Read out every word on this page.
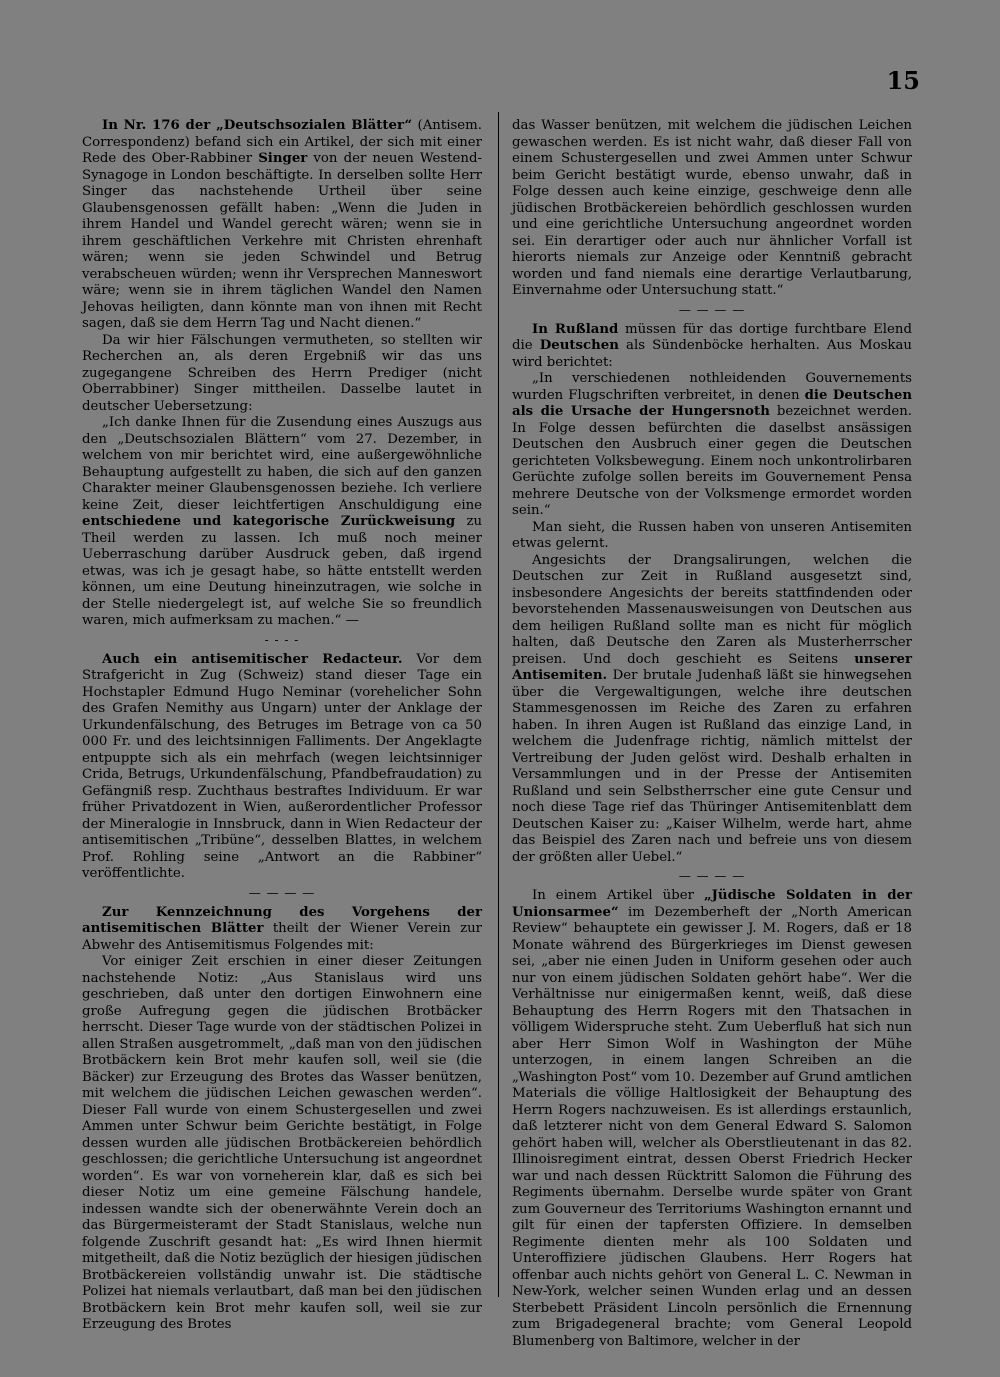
15

In Nr. 176 der „Deutschsozialen Blätter“ (Antisem. Correspondenz) befand sich ein Artikel, der sich mit einer Rede des Ober-Rabbiner Singer von der neuen Westend-Synagoge in London beschäftigte. In derselben sollte Herr Singer das nachstehende Urtheil über seine Glaubensgenossen gefällt haben: „Wenn die Juden in ihrem Handel und Wandel gerecht wären; wenn sie in ihrem geschäftlichen Verkehre mit Christen ehrenhaft wären; wenn sie jeden Schwindel und Betrug verabscheuen würden; wenn ihr Versprechen Manneswort wäre; wenn sie in ihrem täglichen Wandel den Namen Jehovas heiligten, dann könnte man von ihnen mit Recht sagen, daß sie dem Herrn Tag und Nacht dienen.“

Da wir hier Fälschungen vermutheten, so stellten wir Recherchen an, als deren Ergebniß wir das uns zugegangene Schreiben des Herrn Prediger (nicht Oberrabbiner) Singer mittheilen. Dasselbe lautet in deutscher Uebersetzung:

„Ich danke Ihnen für die Zusendung eines Auszugs aus den „Deutschsozialen Blättern“ vom 27. Dezember, in welchem von mir berichtet wird, eine außergewöhnliche Behauptung aufgestellt zu haben, die sich auf den ganzen Charakter meiner Glaubensgenossen beziehe. Ich verliere keine Zeit, dieser leichtfertigen Anschuldigung eine entschiedene und kategorische Zurückweisung zu Theil werden zu lassen. Ich muß noch meiner Ueberraschung darüber Ausdruck geben, daß irgend etwas, was ich je gesagt habe, so hätte entstellt werden können, um eine Deutung hineinzutragen, wie solche in der Stelle niedergelegt ist, auf welche Sie so freundlich waren, mich aufmerksam zu machen.“ —

- - - -

Auch ein antisemitischer Redacteur. Vor dem Strafgericht in Zug (Schweiz) stand dieser Tage ein Hochstapler Edmund Hugo Neminar (vorehelicher Sohn des Grafen Nemithy aus Ungarn) unter der Anklage der Urkundenfälschung, des Betruges im Betrage von ca 50 000 Fr. und des leichtsinnigen Falliments. Der Angeklagte entpuppte sich als ein mehrfach (wegen leichtsinniger Crida, Betrugs, Urkundenfälschung, Pfandbefraudation) zu Gefängniß resp. Zuchthaus bestraftes Individuum. Er war früher Privatdozent in Wien, außerordentlicher Professor der Mineralogie in Innsbruck, dann in Wien Redacteur der antisemitischen „Tribüne“, desselben Blattes, in welchem Prof. Rohling seine „Antwort an die Rabbiner“ veröffentlichte.

— — — —

Zur Kennzeichnung des Vorgehens der antisemitischen Blätter theilt der Wiener Verein zur Abwehr des Antisemitismus Folgendes mit:

Vor einiger Zeit erschien in einer dieser Zeitungen nachstehende Notiz: „Aus Stanislaus wird uns geschrieben, daß unter den dortigen Einwohnern eine große Aufregung gegen die jüdischen Brotbäcker herrscht. Dieser Tage wurde von der städtischen Polizei in allen Straßen ausgetrommelt, „daß man von den jüdischen Brotbäckern kein Brot mehr kaufen soll, weil sie (die Bäcker) zur Erzeugung des Brotes das Wasser benützen, mit welchem die jüdischen Leichen gewaschen werden“. Dieser Fall wurde von einem Schustergesellen und zwei Ammen unter Schwur beim Gerichte bestätigt, in Folge dessen wurden alle jüdischen Brotbäckereien behördlich geschlossen; die gerichtliche Untersuchung ist angeordnet worden“. Es war von vorneherein klar, daß es sich bei dieser Notiz um eine gemeine Fälschung handele, indessen wandte sich der obenerwähnte Verein doch an das Bürgermeisteramt der Stadt Stanislaus, welche nun folgende Zuschrift gesandt hat: „Es wird Ihnen hiermit mitgetheilt, daß die Notiz bezüglich der hiesigen jüdischen Brotbäckereien vollständig unwahr ist. Die städtische Polizei hat niemals verlautbart, daß man bei den jüdischen Brotbäckern kein Brot mehr kaufen soll, weil sie zur Erzeugung des Brotes

das Wasser benützen, mit welchem die jüdischen Leichen gewaschen werden. Es ist nicht wahr, daß dieser Fall von einem Schustergesellen und zwei Ammen unter Schwur beim Gericht bestätigt wurde, ebenso unwahr, daß in Folge dessen auch keine einzige, geschweige denn alle jüdischen Brotbäckereien behördlich geschlossen wurden und eine gerichtliche Untersuchung angeordnet worden sei. Ein derartiger oder auch nur ähnlicher Vorfall ist hierorts niemals zur Anzeige oder Kenntniß gebracht worden und fand niemals eine derartige Verlautbarung, Einvernahme oder Untersuchung statt.“

— — — —

In Rußland müssen für das dortige furchtbare Elend die Deutschen als Sündenböcke herhalten. Aus Moskau wird berichtet:

„In verschiedenen nothleidenden Gouvernements wurden Flugschriften verbreitet, in denen die Deutschen als die Ursache der Hungersnoth bezeichnet werden. In Folge dessen befürchten die daselbst ansässigen Deutschen den Ausbruch einer gegen die Deutschen gerichteten Volksbewegung. Einem noch unkontrolirbaren Gerüchte zufolge sollen bereits im Gouvernement Pensa mehrere Deutsche von der Volksmenge ermordet worden sein.“

Man sieht, die Russen haben von unseren Antisemiten etwas gelernt.

Angesichts der Drangsalirungen, welchen die Deutschen zur Zeit in Rußland ausgesetzt sind, insbesondere Angesichts der bereits stattfindenden oder bevorstehenden Massenausweisungen von Deutschen aus dem heiligen Rußland sollte man es nicht für möglich halten, daß Deutsche den Zaren als Musterherrscher preisen. Und doch geschieht es Seitens unserer Antisemiten. Der brutale Judenhaß läßt sie hinwegsehen über die Vergewaltigungen, welche ihre deutschen Stammesgenossen im Reiche des Zaren zu erfahren haben. In ihren Augen ist Rußland das einzige Land, in welchem die Judenfrage richtig, nämlich mittelst der Vertreibung der Juden gelöst wird. Deshalb erhalten in Versammlungen und in der Presse der Antisemiten Rußland und sein Selbstherrscher eine gute Censur und noch diese Tage rief das Thüringer Antisemitenblatt dem Deutschen Kaiser zu: „Kaiser Wilhelm, werde hart, ahme das Beispiel des Zaren nach und befreie uns von diesem der größten aller Uebel.“

— — — —

In einem Artikel über „Jüdische Soldaten in der Unionsarmee“ im Dezemberheft der „North American Review“ behauptete ein gewisser J. M. Rogers, daß er 18 Monate während des Bürgerkrieges im Dienst gewesen sei, „aber nie einen Juden in Uniform gesehen oder auch nur von einem jüdischen Soldaten gehört habe“. Wer die Verhältnisse nur einigermaßen kennt, weiß, daß diese Behauptung des Herrn Rogers mit den Thatsachen in völligem Widerspruche steht. Zum Ueberfluß hat sich nun aber Herr Simon Wolf in Washington der Mühe unterzogen, in einem langen Schreiben an die „Washington Post“ vom 10. Dezember auf Grund amtlichen Materials die völlige Haltlosigkeit der Behauptung des Herrn Rogers nachzuweisen. Es ist allerdings erstaunlich, daß letzterer nicht von dem General Edward S. Salomon gehört haben will, welcher als Oberstlieutenant in das 82. Illinoisregiment eintrat, dessen Oberst Friedrich Hecker war und nach dessen Rücktritt Salomon die Führung des Regiments übernahm. Derselbe wurde später von Grant zum Gouverneur des Territoriums Washington ernannt und gilt für einen der tapfersten Offiziere. In demselben Regimente dienten mehr als 100 Soldaten und Unteroffiziere jüdischen Glaubens. Herr Rogers hat offenbar auch nichts gehört von General L. C. Newman in New-York, welcher seinen Wunden erlag und an dessen Sterbebett Präsident Lincoln persönlich die Ernennung zum Brigadegeneral brachte; vom General Leopold Blumenberg von Baltimore, welcher in der
